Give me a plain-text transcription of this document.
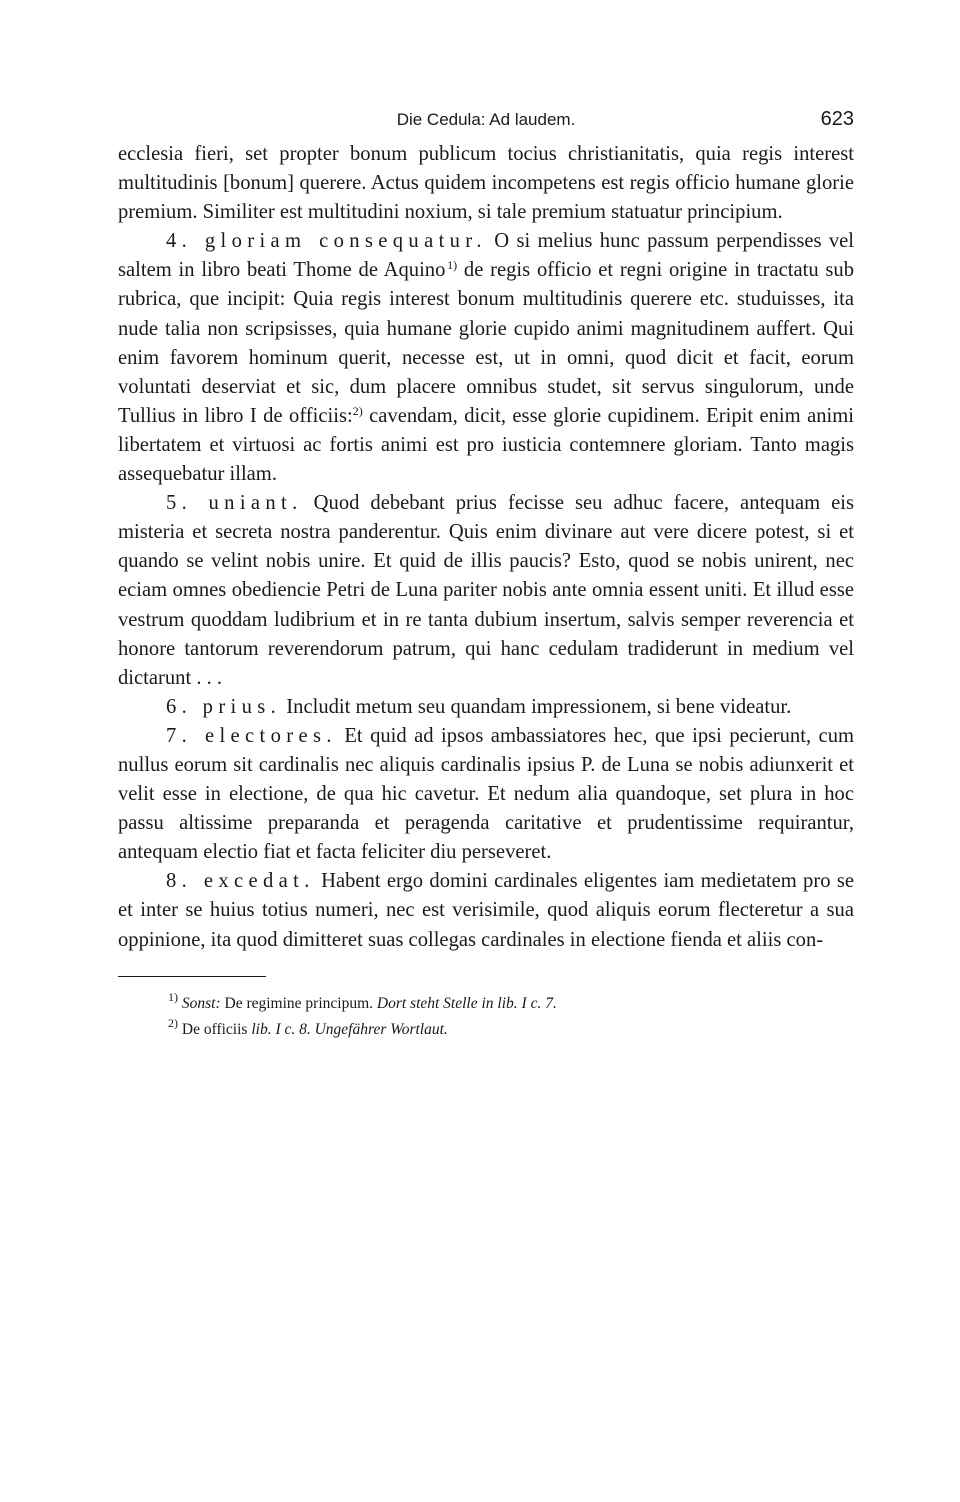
Die Cedula: Ad laudem.	623

ecclesia fieri, set propter bonum publicum tocius christianitatis, quia regis interest multitudinis [bonum] querere. Actus quidem incompetens est regis officio humane glorie premium. Similiter est multitudini noxium, si tale premium statuatur principium.

4. gloriam consequatur. O si melius hunc passum perpendisses vel saltem in libro beati Thome de Aquino  $^{1)}$ de regis officio et regni origine in tractatu sub rubrica, que incipit: Quia regis interest bonum multitudinis querere etc. studuisses, ita nude talia non scripsisses, quia humane glorie cupido animi magnitudinem auffert. Qui enim favorem hominum querit, necesse est, ut in omni, quod dicit et facit, eorum voluntati deserviat et sic, dum placere omnibus studet, sit servus singulorum, unde Tullius in libro I de officiis:$^{2)}$ cavendam, dicit, esse glorie cupidinem. Eripit enim animi libertatem et virtuosi ac fortis animi est pro iusticia contemnere gloriam. Tanto magis assequebatur illam.

5. uniant. Quod debebant prius fecisse seu adhuc facere, antequam eis misteria et secreta nostra panderentur. Quis enim divinare aut vere dicere potest, si et quando se velint nobis unire. Et quid de illis paucis? Esto, quod se nobis unirent, nec eciam omnes obediencie Petri de Luna pariter nobis ante omnia essent uniti. Et illud esse vestrum quoddam ludibrium et in re tanta dubium insertum, salvis semper reverencia et honore tantorum reverendorum patrum, qui hanc cedulam tradiderunt in medium vel dictarunt . . .

6. prius. Includit metum seu quandam impressionem, si bene videatur.

7. electores. Et quid ad ipsos ambassiatores hec, que ipsi pecierunt, cum nullus eorum sit cardinalis nec aliquis cardinalis ipsius P. de Luna se nobis adiunxerit et velit esse in electione, de qua hic cavetur. Et nedum alia quandoque, set plura in hoc passu altissime preparanda et peragenda caritative et prudentissime requirantur, antequam electio fiat et facta feliciter diu perseveret.

8. excedat. Habent ergo domini cardinales eligentes iam medietatem pro se et inter se huius totius numeri, nec est verisimile, quod aliquis eorum flecteretur a sua oppinione, ita quod dimitteret suas collegas cardinales in electione fienda et aliis con-

$^{1)}$ Sonst: De regimine principum. Dort steht Stelle in lib. I c. 7.

$^{2)}$ De officiis lib. I c. 8. Ungefährer Wortlaut.
